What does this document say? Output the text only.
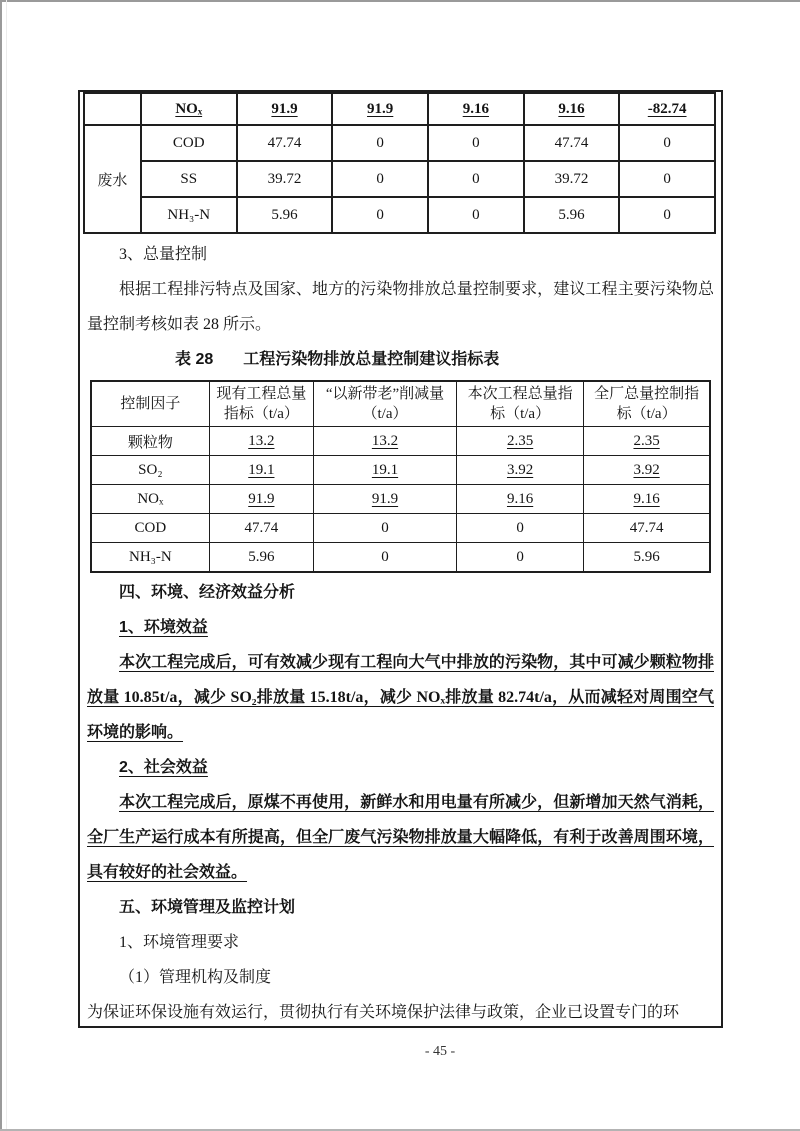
	NOₓ	91.9	91.9	9.16	9.16	-82.74
废水	COD	47.74	0	0	47.74	0
	SS	39.72	0	0	39.72	0
	NH₃-N	5.96	0	0	5.96	0

3、总量控制

根据工程排污特点及国家、地方的污染物排放总量控制要求，建议工程主要污染物总量控制考核如表 28 所示。

表 28 工程污染物排放总量控制建议指标表
控制因子	现有工程总量指标（t/a）	“以新带老”削减量（t/a）	本次工程总量指标（t/a）	全厂总量控制指标（t/a）
颗粒物	13.2	13.2	2.35	2.35
SO₂	19.1	19.1	3.92	3.92
NOₓ	91.9	91.9	9.16	9.16
COD	47.74	0	0	47.74
NH₃-N	5.96	0	0	5.96

四、环境、经济效益分析

1、环境效益

本次工程完成后，可有效减少现有工程向大气中排放的污染物，其中可减少颗粒物排放量 10.85t/a，减少 SO₂排放量 15.18t/a，减少 NOₓ排放量 82.74t/a，从而减轻对周围空气环境的影响。

2、社会效益

本次工程完成后，原煤不再使用，新鲜水和用电量有所减少，但新增加天然气消耗，全厂生产运行成本有所提高，但全厂废气污染物排放量大幅降低，有利于改善周围环境，具有较好的社会效益。

五、环境管理及监控计划

1、环境管理要求

（1）管理机构及制度

为保证环保设施有效运行，贯彻执行有关环境保护法律与政策，企业已设置专门的环

- 45 -
